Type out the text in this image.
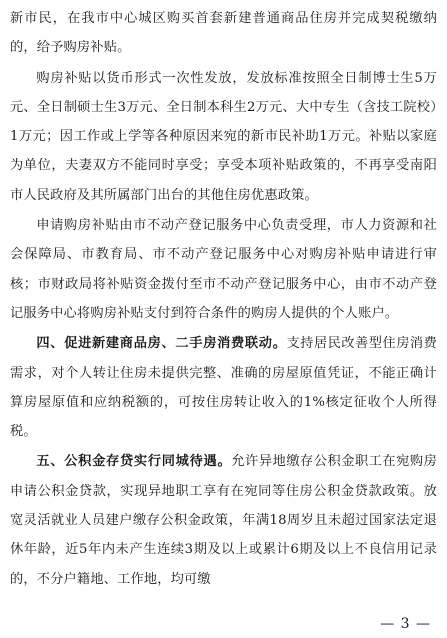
新市民，在我市中心城区购买首套新建普通商品住房并完成契税缴纳的，给予购房补贴。

购房补贴以货币形式一次性发放，发放标准按照全日制博士生5万元、全日制硕士生3万元、全日制本科生2万元、大中专生（含技工院校）1万元；因工作或上学等各种原因来宛的新市民补助1万元。补贴以家庭为单位，夫妻双方不能同时享受；享受本项补贴政策的，不再享受南阳市人民政府及其所属部门出台的其他住房优惠政策。

申请购房补贴由市不动产登记服务中心负责受理，市人力资源和社会保障局、市教育局、市不动产登记服务中心对购房补贴申请进行审核；市财政局将补贴资金拨付至市不动产登记服务中心，由市不动产登记服务中心将购房补贴支付到符合条件的购房人提供的个人账户。

四、促进新建商品房、二手房消费联动。支持居民改善型住房消费需求，对个人转让住房未提供完整、准确的房屋原值凭证，不能正确计算房屋原值和应纳税额的，可按住房转让收入的1%核定征收个人所得税。

五、公积金存贷实行同城待遇。允许异地缴存公积金职工在宛购房申请公积金贷款，实现异地职工享有在宛同等住房公积金贷款政策。放宽灵活就业人员建户缴存公积金政策，年满18周岁且未超过国家法定退休年龄，近5年内未产生连续3期及以上或累计6期及以上不良信用记录的，不分户籍地、工作地，均可缴

— 3 —
